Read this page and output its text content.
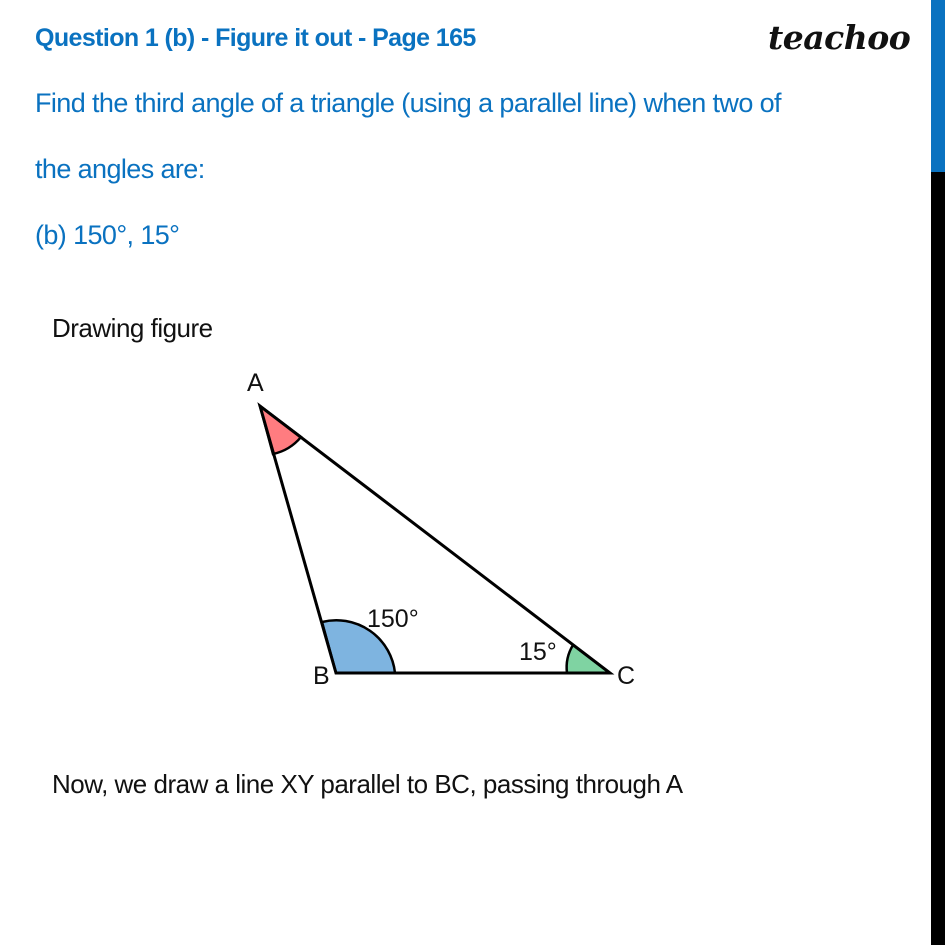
Question 1 (b) - Figure it out - Page 165	teachoo
Find the third angle of a triangle (using a parallel line) when two of
the angles are:
(b) 150°, 15°
Drawing figure
A
B	C
150°
15°
Now, we draw a line XY parallel to BC, passing through A
